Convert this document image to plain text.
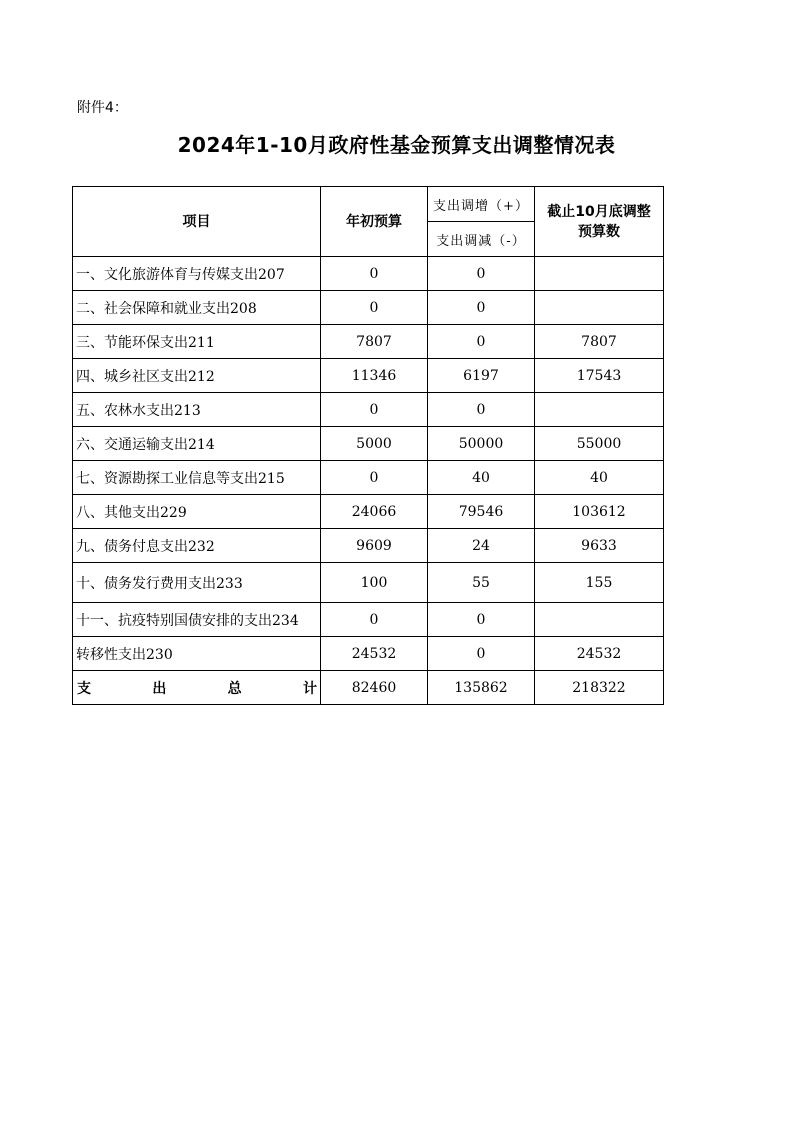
附件4：
2024年1-10月政府性基金预算支出调整情况表
项目	年初预算	支出调增（+）	截止10月底调整
预算数

		支出调减（-）	
一、文化旅游体育与传媒支出207	0	0	
二、社会保障和就业支出208	0	0	
三、节能环保支出211	7807	0	7807
四、城乡社区支出212	11346	6197	17543
五、农林水支出213	0	0	
六、交通运输支出214	5000	50000	55000
七、资源勘探工业信息等支出215	0	40	40
八、其他支出229	24066	79546	103612
九、债务付息支出232	9609	24	9633
十、债务发行费用支出233	100	55	155
十一、抗疫特别国债安排的支出234	0	0	
转移性支出230	24532	0	24532

支 出 总 计	82460	135862	218322
